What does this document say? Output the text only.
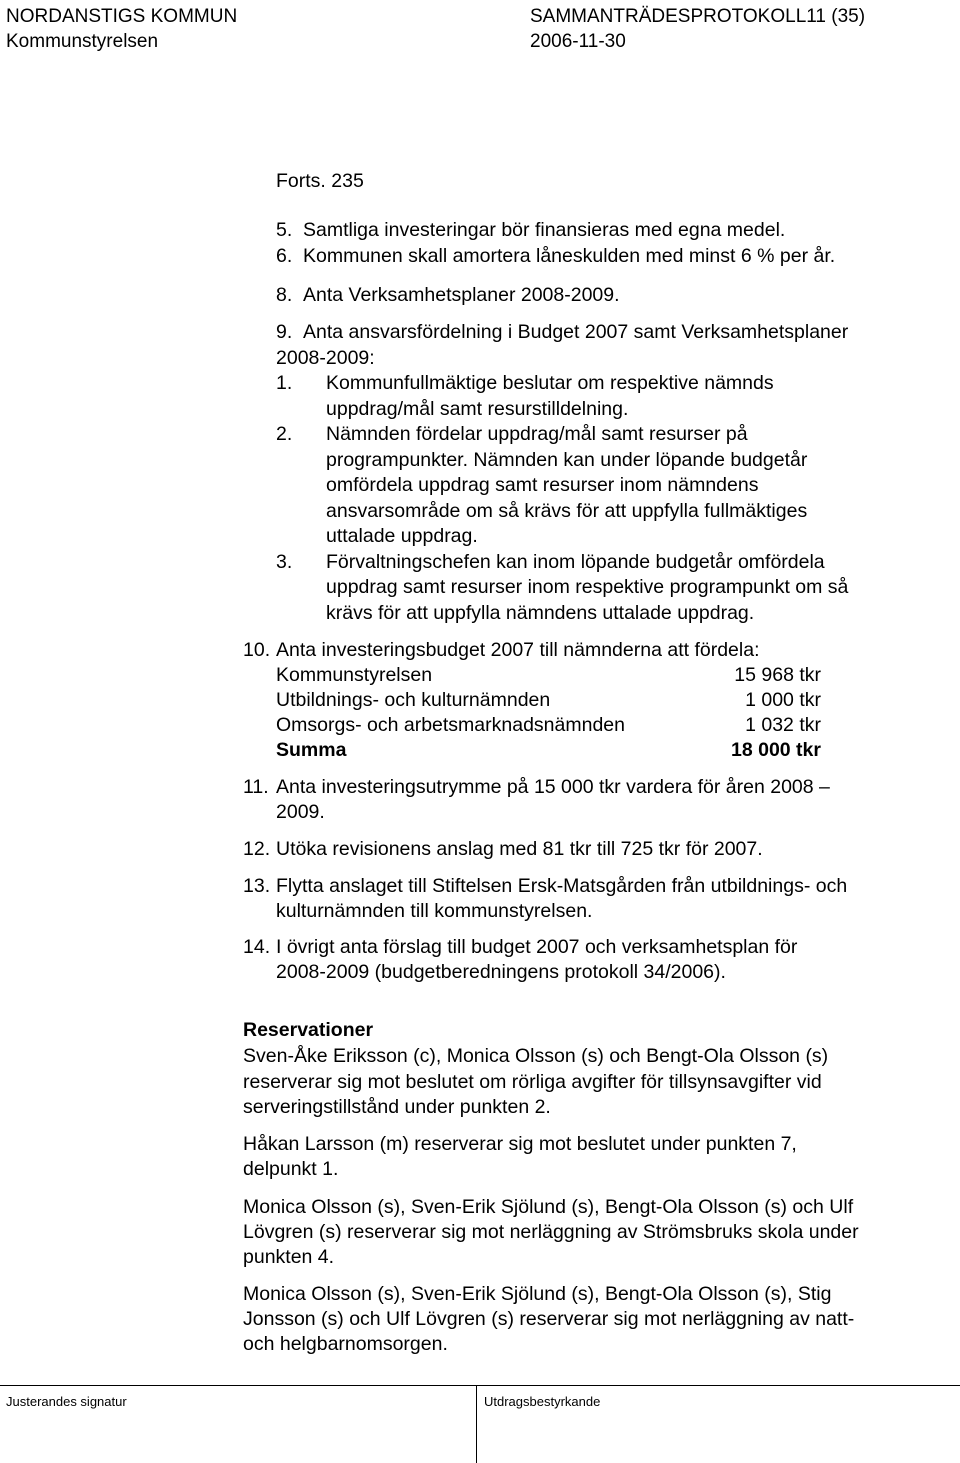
NORDANSTIGS KOMMUN	SAMMANTRÄDESPROTOKOLL11 (35)
Kommunstyrelsen	2006-11-30
Forts. 235
5. Samtliga investeringar bör finansieras med egna medel.
6. Kommunen skall amortera låneskulden med minst 6 % per år.
8. Anta Verksamhetsplaner 2008-2009.
9. Anta ansvarsfördelning i Budget 2007 samt Verksamhetsplaner
2008-2009:
1. Kommunfullmäktige beslutar om respektive nämnds
uppdrag/mål samt resurstilldelning.
2. Nämnden fördelar uppdrag/mål samt resurser på
programpunkter. Nämnden kan under löpande budgetår
omfördela uppdrag samt resurser inom nämndens
ansvarsområde om så krävs för att uppfylla fullmäktiges
uttalade uppdrag.
3. Förvaltningschefen kan inom löpande budgetår omfördela
uppdrag samt resurser inom respektive programpunkt om så
krävs för att uppfylla nämndens uttalade uppdrag.
10. Anta investeringsbudget 2007 till nämnderna att fördela:
Kommunstyrelsen	15 968 tkr
Utbildnings- och kulturnämnden	1 000 tkr
Omsorgs- och arbetsmarknadsnämnden	1 032 tkr
Summa	18 000 tkr
11. Anta investeringsutrymme på 15 000 tkr vardera för åren 2008 –
2009.
12. Utöka revisionens anslag med 81 tkr till 725 tkr för 2007.
13. Flytta anslaget till Stiftelsen Ersk-Matsgården från utbildnings- och
kulturnämnden till kommunstyrelsen.
14. I övrigt anta förslag till budget 2007 och verksamhetsplan för
2008-2009 (budgetberedningens protokoll 34/2006).
Reservationer
Sven-Åke Eriksson (c), Monica Olsson (s) och Bengt-Ola Olsson (s)
reserverar sig mot beslutet om rörliga avgifter för tillsynsavgifter vid
serveringstillstånd under punkten 2.
Håkan Larsson (m) reserverar sig mot beslutet under punkten 7,
delpunkt 1.
Monica Olsson (s), Sven-Erik Sjölund (s), Bengt-Ola Olsson (s) och Ulf
Lövgren (s) reserverar sig mot nerläggning av Strömsbruks skola under
punkten 4.
Monica Olsson (s), Sven-Erik Sjölund (s), Bengt-Ola Olsson (s), Stig
Jonsson (s) och Ulf Lövgren (s) reserverar sig mot nerläggning av natt-
och helgbarnomsorgen.
Justerandes signatur	Utdragsbestyrkande
